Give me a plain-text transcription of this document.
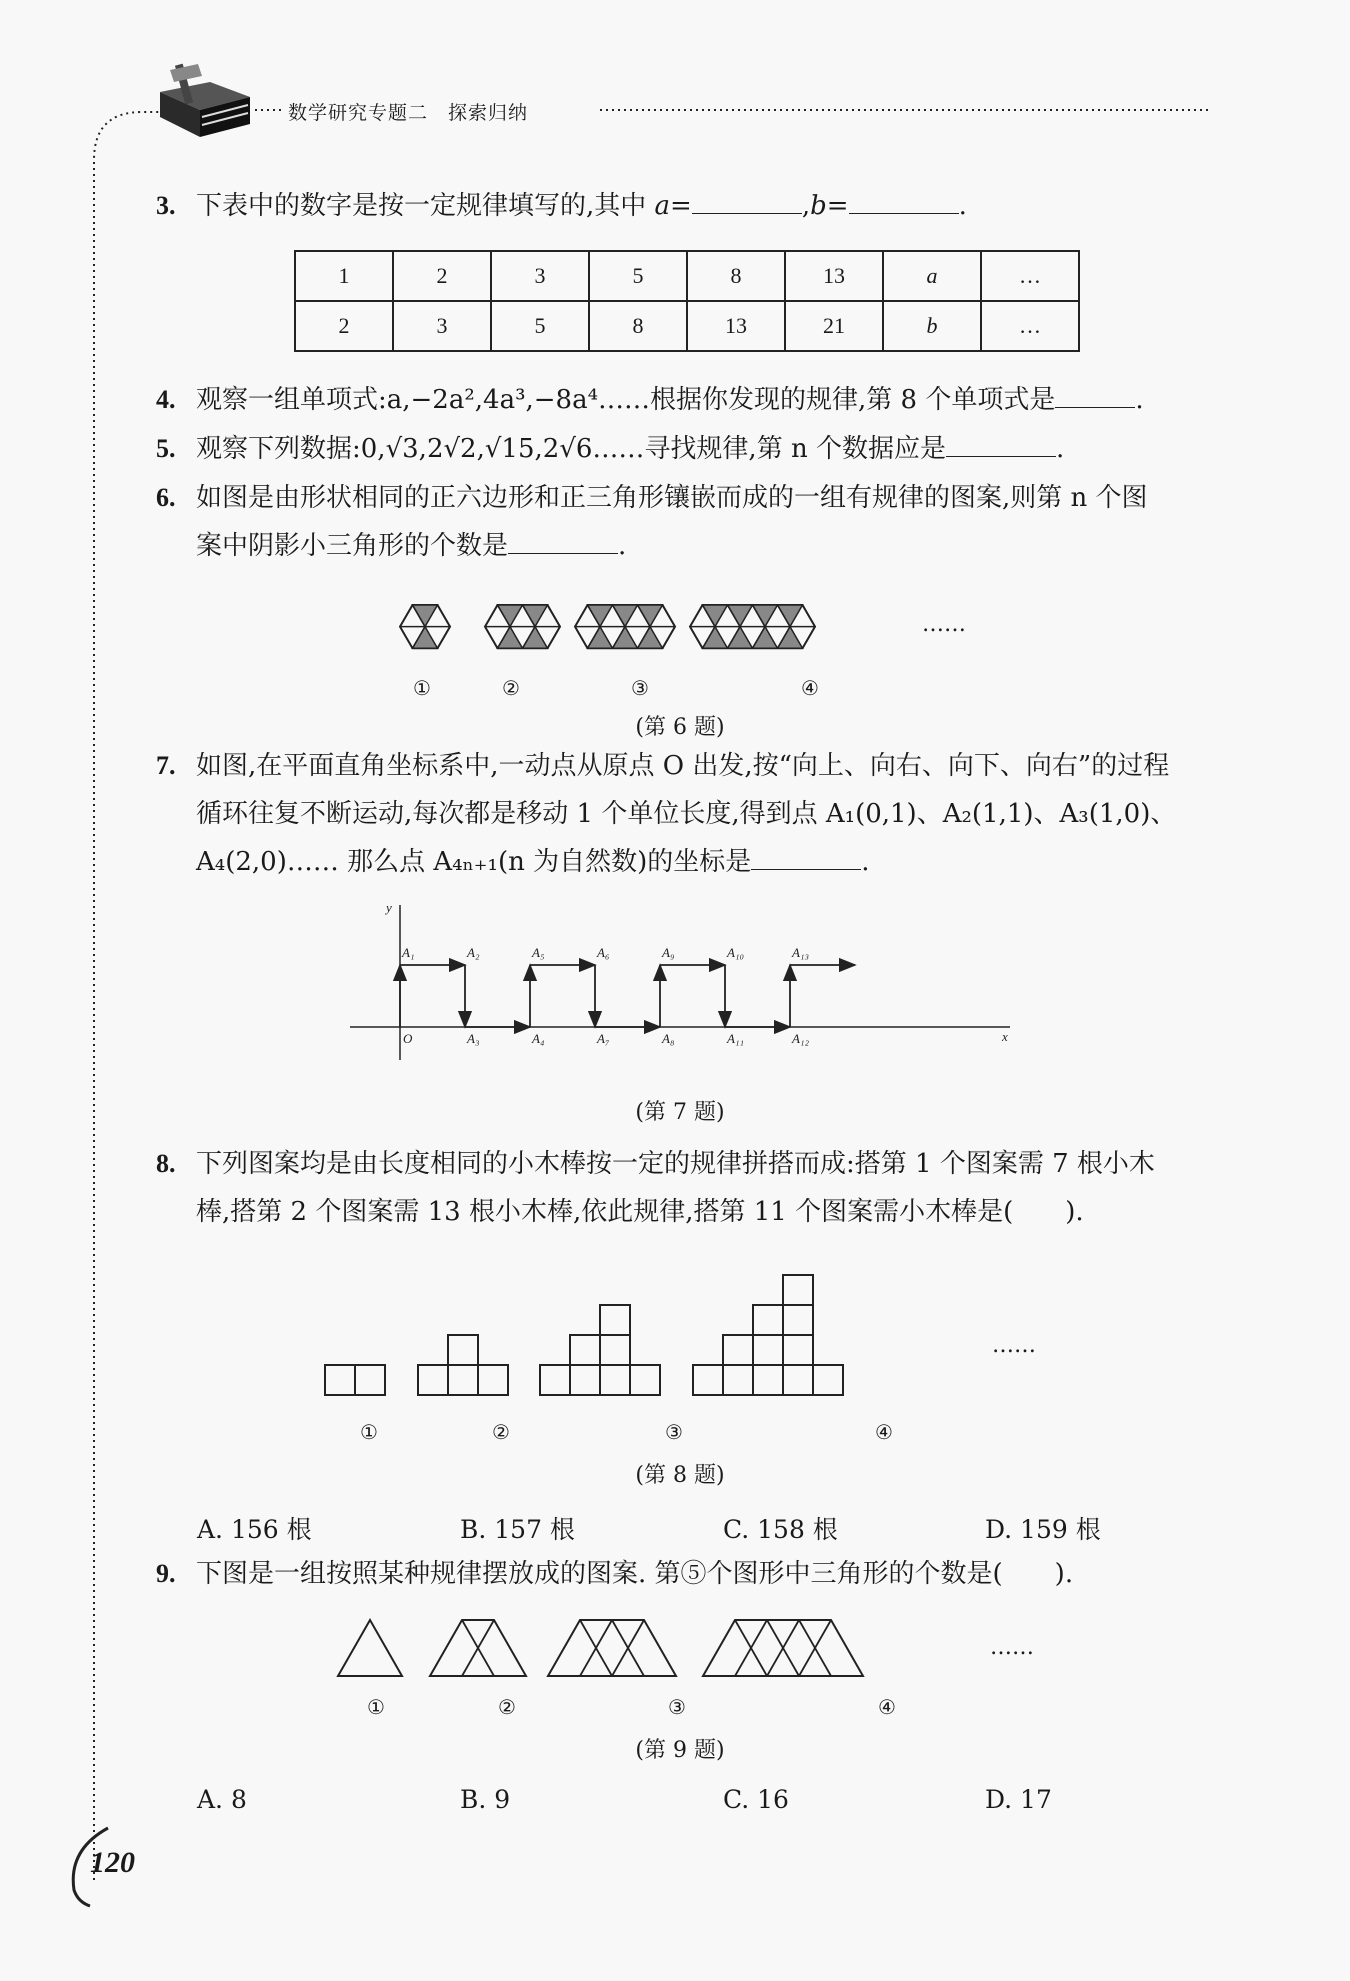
数学研究专题二　探索归纳
3. 下表中的数字是按一定规律填写的,其中 a=	,b=	.
1	2	3	5	8	13	a	…
2	3	5	8	13	21	b	…
4. 观察一组单项式:a,−2a²,4a³,−8a⁴……根据你发现的规律,第 8 个单项式是	.
5. 观察下列数据:0,√3,2√2,√15,2√6……寻找规律,第 n 个数据应是	.
6. 如图是由形状相同的正六边形和正三角形镶嵌而成的一组有规律的图案,则第 n 个图
案中阴影小三角形的个数是	.
……
①	②	③	④
(第 6 题)
7. 如图,在平面直角坐标系中,一动点从原点 O 出发,按“向上、向右、向下、向右”的过程
循环往复不断运动,每次都是移动 1 个单位长度,得到点 A₁(0,1)、A₂(1,1)、A₃(1,0)、
A₄(2,0)…… 那么点 A₄ₙ₊₁(n 为自然数)的坐标是	.
y
x
O
A₁	A₂	A₅	A₆	A₉	A₁₀	A₁₃
A₃	A₄	A₇	A₈	A₁₁	A₁₂
(第 7 题)
8. 下列图案均是由长度相同的小木棒按一定的规律拼搭而成:搭第 1 个图案需 7 根小木
棒,搭第 2 个图案需 13 根小木棒,依此规律,搭第 11 个图案需小木棒是(　　).
……
①	②	③	④
(第 8 题)
A. 156 根	B. 157 根	C. 158 根	D. 159 根
9. 下图是一组按照某种规律摆放成的图案. 第⑤个图形中三角形的个数是(　　).
……
①	②	③	④
(第 9 题)
A. 8	B. 9	C. 16	D. 17
120
